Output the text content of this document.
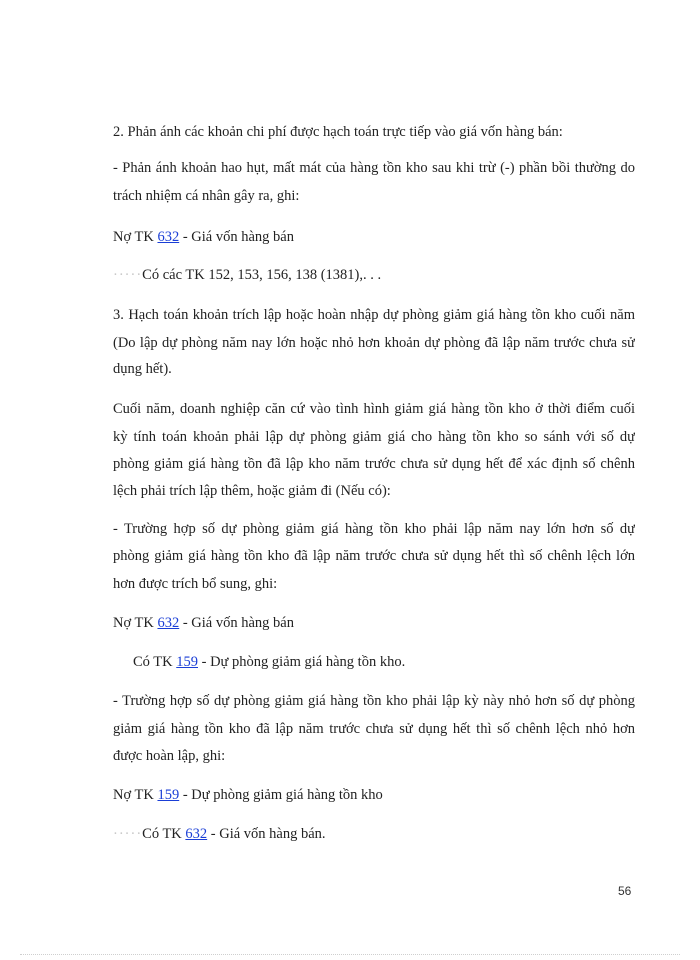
2. Phản ánh các khoản chi phí được hạch toán trực tiếp vào giá vốn hàng bán:
- Phản ánh khoản hao hụt, mất mát của hàng tồn kho sau khi trừ (-) phần bồi thường do
trách nhiệm cá nhân gây ra, ghi:
Nợ TK 632 - Giá vốn hàng bán
·····Có các TK 152, 153, 156, 138 (1381),. . .
3. Hạch toán khoản trích lập hoặc hoàn nhập dự phòng giảm giá hàng tồn kho cuối năm
(Do lập dự phòng năm nay lớn hoặc nhỏ hơn khoản dự phòng đã lập năm trước chưa sử
dụng hết).
Cuối năm, doanh nghiệp căn cứ vào tình hình giảm giá hàng tồn kho ở thời điểm cuối
kỳ tính toán khoản phải lập dự phòng giảm giá cho hàng tồn kho so sánh với số dự
phòng giảm giá hàng tồn đã lập kho năm trước chưa sử dụng hết để xác định số chênh
lệch phải trích lập thêm, hoặc giảm đi (Nếu có):
- Trường hợp số dự phòng giảm giá hàng tồn kho phải lập năm nay lớn hơn số dự
phòng giảm giá hàng tồn kho đã lập năm trước chưa sử dụng hết thì số chênh lệch lớn
hơn được trích bổ sung, ghi:
Nợ TK 632 - Giá vốn hàng bán
Có TK 159 - Dự phòng giảm giá hàng tồn kho.
- Trường hợp số dự phòng giảm giá hàng tồn kho phải lập kỳ này nhỏ hơn số dự phòng
giảm giá hàng tồn kho đã lập năm trước chưa sử dụng hết thì số chênh lệch nhỏ hơn
được hoàn lập, ghi:
Nợ TK 159 - Dự phòng giảm giá hàng tồn kho
·····Có TK 632 - Giá vốn hàng bán.
56
